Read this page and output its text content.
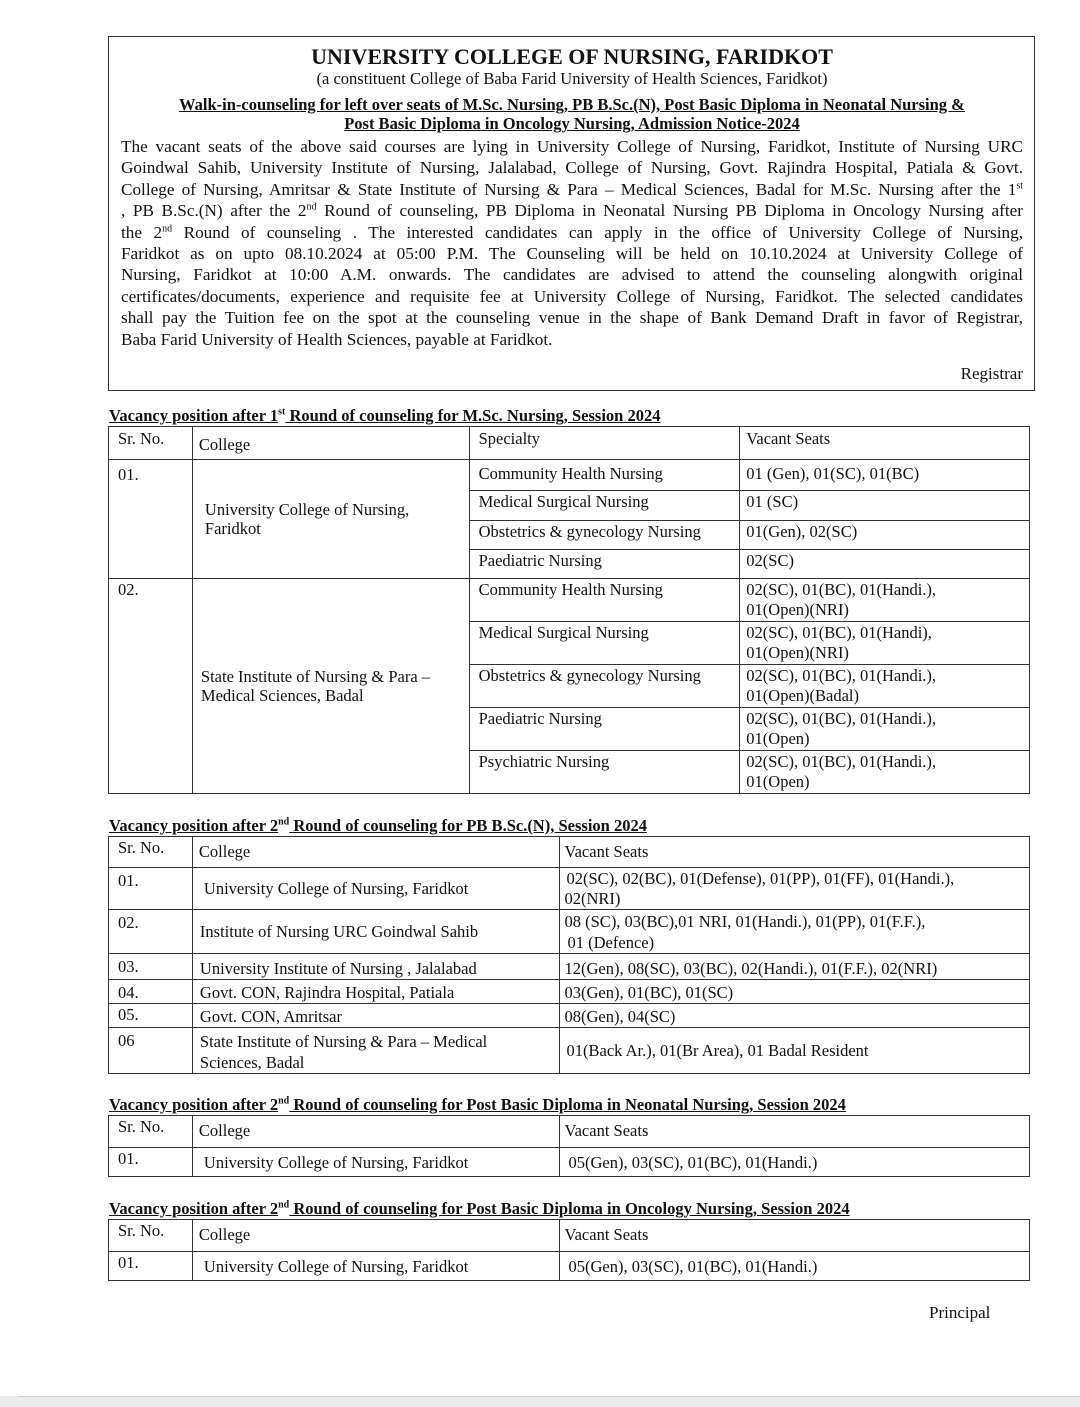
UNIVERSITY COLLEGE OF NURSING, FARIDKOT
(a constituent College of Baba Farid University of Health Sciences, Faridkot)
Walk-in-counseling for left over seats of M.Sc. Nursing, PB B.Sc.(N), Post Basic Diploma in Neonatal Nursing &
Post Basic Diploma in Oncology Nursing, Admission Notice-2024
The vacant seats of the above said courses are lying in University College of Nursing, Faridkot, Institute of Nursing URC
Goindwal Sahib, University Institute of Nursing, Jalalabad, College of Nursing, Govt. Rajindra Hospital, Patiala & Govt.
College of Nursing, Amritsar & State Institute of Nursing & Para – Medical Sciences, Badal for M.Sc. Nursing after the 1st
, PB B.Sc.(N) after the 2nd Round of counseling, PB Diploma in Neonatal Nursing PB Diploma in Oncology Nursing after
the 2nd Round of counseling . The interested candidates can apply in the office of University College of Nursing,
Faridkot as on upto 08.10.2024 at 05:00 P.M. The Counseling will be held on 10.10.2024 at University College of
Nursing, Faridkot at 10:00 A.M. onwards. The candidates are advised to attend the counseling alongwith original
certificates/documents, experience and requisite fee at University College of Nursing, Faridkot. The selected candidates
shall pay the Tuition fee on the spot at the counseling venue in the shape of Bank Demand Draft in favor of Registrar,
Baba Farid University of Health Sciences, payable at Faridkot.
Registrar
Vacancy position after 1st Round of counseling for M.Sc. Nursing, Session 2024
Sr. No.	College	Specialty	Vacant Seats
01.	University College of Nursing,
Faridkot	Community Health Nursing	01 (Gen), 01(SC), 01(BC)
		Medical Surgical Nursing	01 (SC)
		Obstetrics & gynecology Nursing	01(Gen), 02(SC)
		Paediatric Nursing	02(SC)
02.	State Institute of Nursing & Para –
Medical Sciences, Badal	Community Health Nursing	02(SC), 01(BC), 01(Handi.),
01(Open)(NRI)
		Medical Surgical Nursing	02(SC), 01(BC), 01(Handi),
01(Open)(NRI)
		Obstetrics & gynecology Nursing	02(SC), 01(BC), 01(Handi.),
01(Open)(Badal)
		Paediatric Nursing	02(SC), 01(BC), 01(Handi.),
01(Open)
		Psychiatric Nursing	02(SC), 01(BC), 01(Handi.),
01(Open)
Vacancy position after 2nd Round of counseling for PB B.Sc.(N), Session 2024
Sr. No.	College	Vacant Seats
01.	University College of Nursing, Faridkot	02(SC), 02(BC), 01(Defense), 01(PP), 01(FF), 01(Handi.),
02(NRI)
02.	Institute of Nursing URC Goindwal Sahib	08 (SC), 03(BC),01 NRI, 01(Handi.), 01(PP), 01(F.F.),
01 (Defence)
03.	University Institute of Nursing , Jalalabad	12(Gen), 08(SC), 03(BC), 02(Handi.), 01(F.F.), 02(NRI)
04.	Govt. CON, Rajindra Hospital, Patiala	03(Gen), 01(BC), 01(SC)
05.	Govt. CON, Amritsar	08(Gen), 04(SC)
06	State Institute of Nursing & Para – Medical
Sciences, Badal	01(Back Ar.), 01(Br Area), 01 Badal Resident
Vacancy position after 2nd Round of counseling for Post Basic Diploma in Neonatal Nursing, Session 2024
Sr. No.	College	Vacant Seats
01.	University College of Nursing, Faridkot	05(Gen), 03(SC), 01(BC), 01(Handi.)
Vacancy position after 2nd Round of counseling for Post Basic Diploma in Oncology Nursing, Session 2024
Sr. No.	College	Vacant Seats
01.	University College of Nursing, Faridkot	05(Gen), 03(SC), 01(BC), 01(Handi.)
Principal
